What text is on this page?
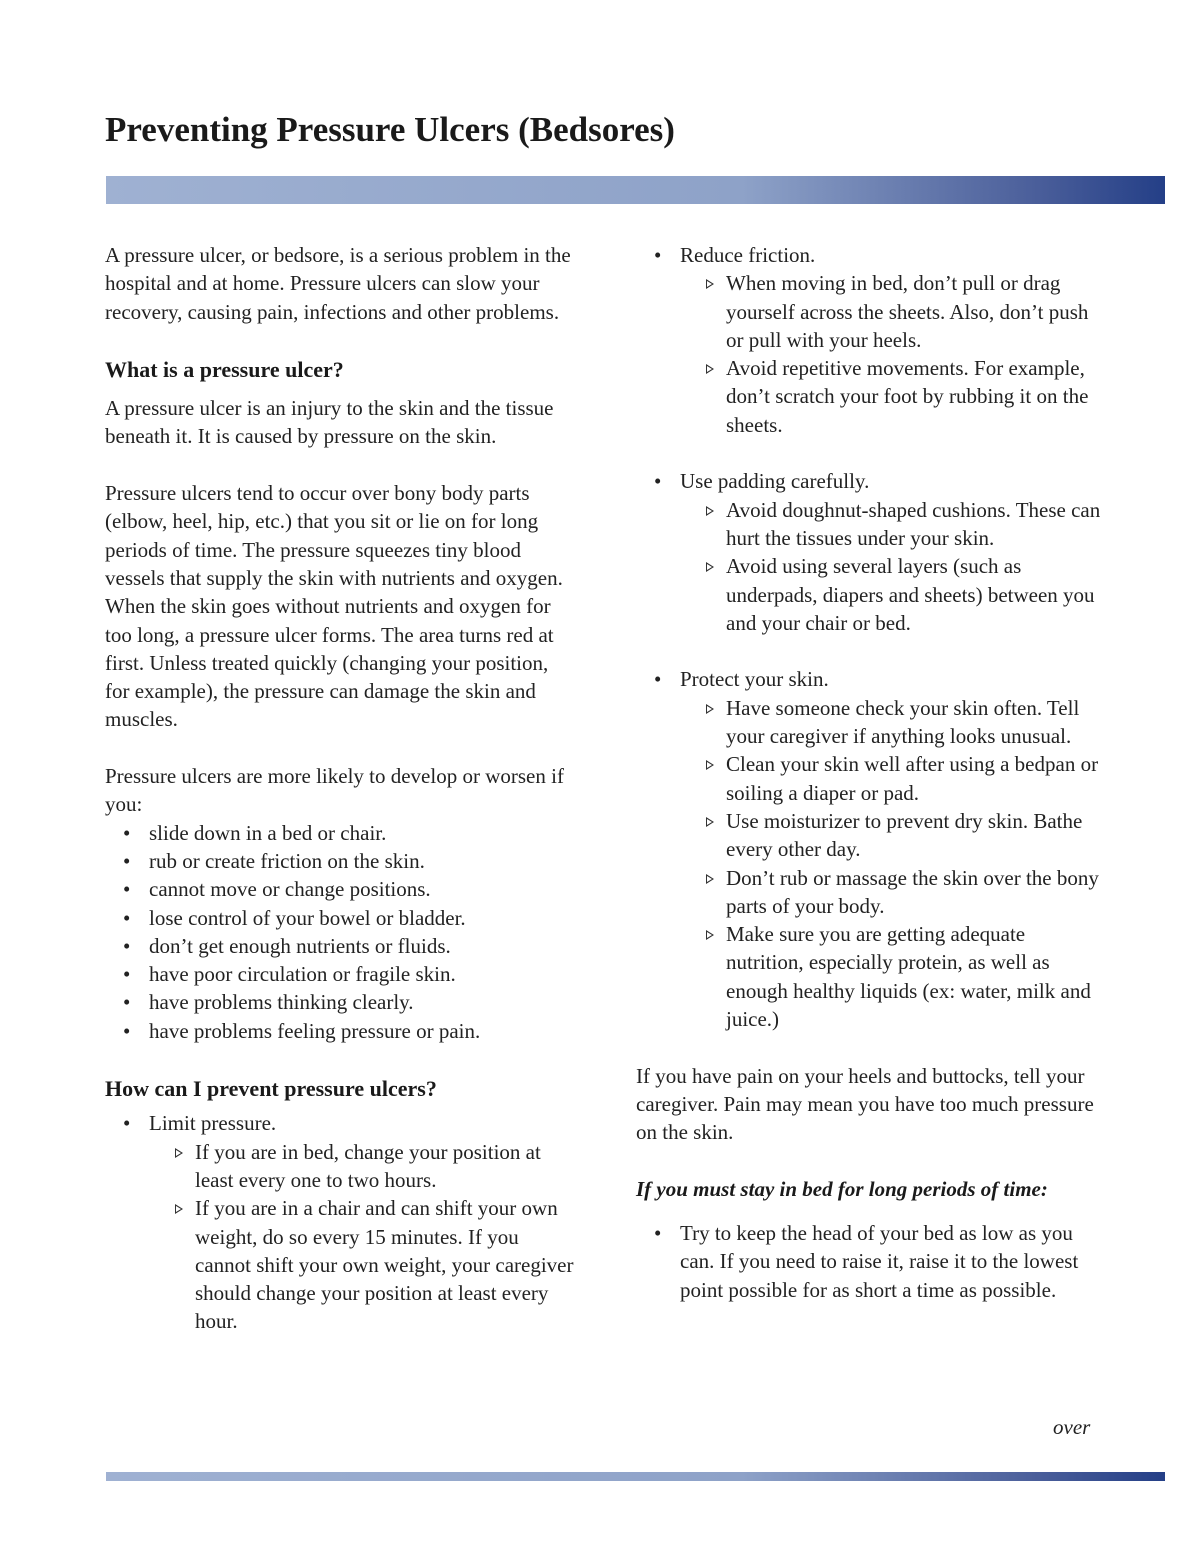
Preventing Pressure Ulcers (Bedsores)

A pressure ulcer, or bedsore, is a serious problem in the hospital and at home. Pressure ulcers can slow your recovery, causing pain, infections and other problems.

What is a pressure ulcer?

A pressure ulcer is an injury to the skin and the tissue beneath it. It is caused by pressure on the skin.

Pressure ulcers tend to occur over bony body parts (elbow, heel, hip, etc.) that you sit or lie on for long periods of time. The pressure squeezes tiny blood vessels that supply the skin with nutrients and oxygen. When the skin goes without nutrients and oxygen for too long, a pressure ulcer forms. The area turns red at first. Unless treated quickly (changing your position, for example), the pressure can damage the skin and muscles.

Pressure ulcers are more likely to develop or worsen if you:

• slide down in a bed or chair.
• rub or create friction on the skin.
• cannot move or change positions.
• lose control of your bowel or bladder.
• don’t get enough nutrients or fluids.
• have poor circulation or fragile skin.
• have problems thinking clearly.
• have problems feeling pressure or pain.
How can I prevent pressure ulcers?
• Limit pressure.
If you are in bed, change your position at least every one to two hours.
If you are in a chair and can shift your own weight, do so every 15 minutes. If you cannot shift your own weight, your caregiver should change your position at least every hour.
• Reduce friction.
When moving in bed, don’t pull or drag yourself across the sheets. Also, don’t push or pull with your heels.
Avoid repetitive movements. For example, don’t scratch your foot by rubbing it on the sheets.
• Use padding carefully.
Avoid doughnut-shaped cushions. These can hurt the tissues under your skin.
Avoid using several layers (such as underpads, diapers and sheets) between you and your chair or bed.
• Protect your skin.
Have someone check your skin often. Tell your caregiver if anything looks unusual.
Clean your skin well after using a bedpan or soiling a diaper or pad.
Use moisturizer to prevent dry skin. Bathe every other day.
Don’t rub or massage the skin over the bony parts of your body.
Make sure you are getting adequate nutrition, especially protein, as well as enough healthy liquids (ex: water, milk and juice.)

If you have pain on your heels and buttocks, tell your caregiver. Pain may mean you have too much pressure on the skin.

If you must stay in bed for long periods of time:
• Try to keep the head of your bed as low as you can. If you need to raise it, raise it to the lowest point possible for as short a time as possible.
over
